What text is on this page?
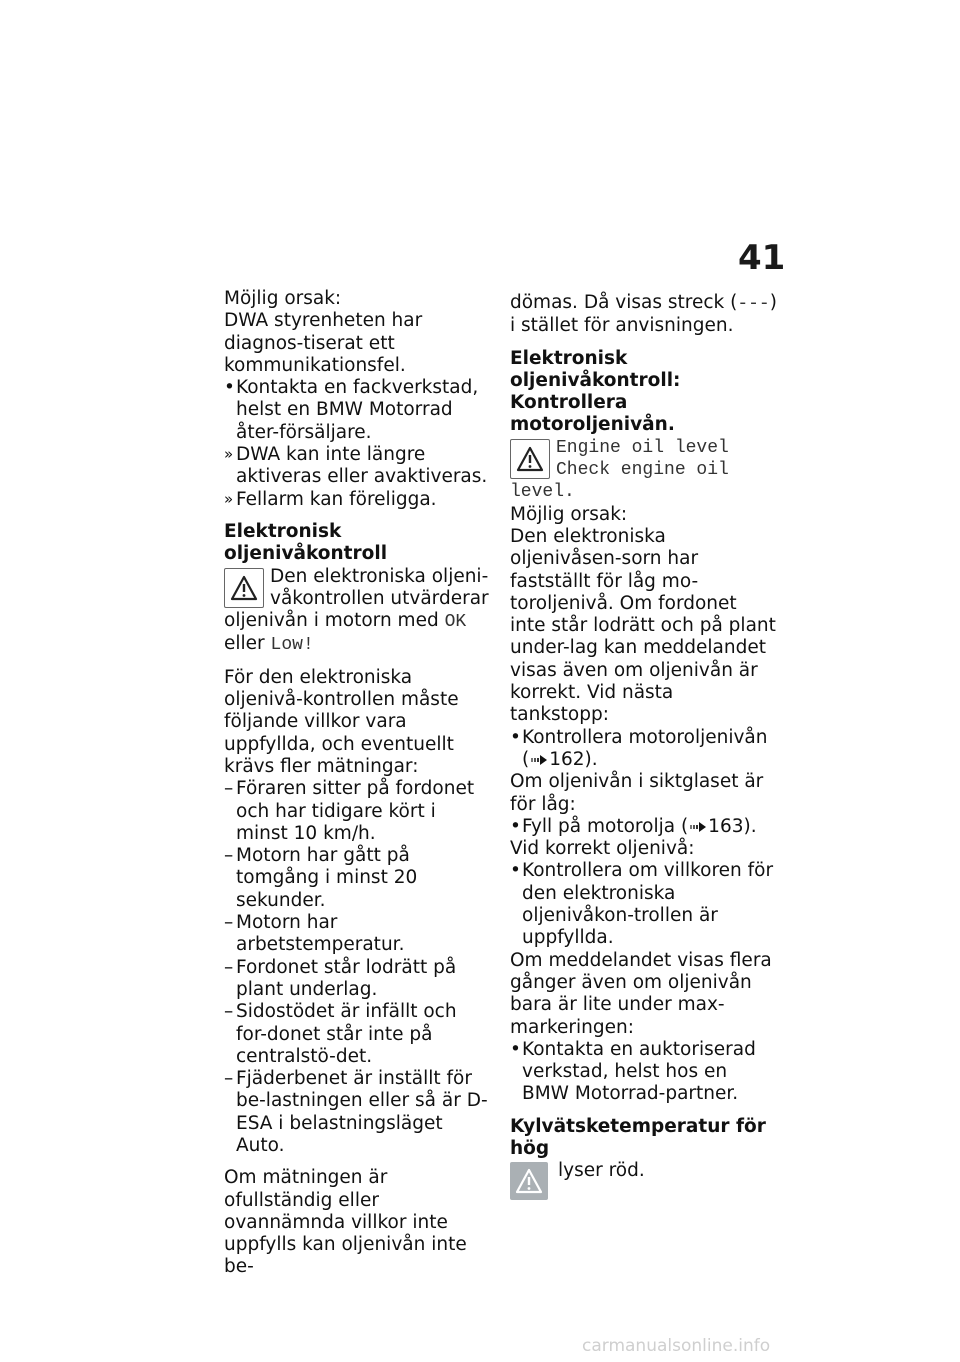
41

Möjlig orsak:

DWA styrenheten har diagnos-tiserat ett kommunikationsfel.

• Kontakta en fackverkstad, helst en BMW Motorrad åter-försäljare.

» DWA kan inte längre aktiveras eller avaktiveras.

» Fellarm kan föreligga.

Elektronisk oljenivåkontroll

Den elektroniska oljeni-våkontrollen utvärderar oljenivån i motorn med OK eller Low!

För den elektroniska oljenivå-kontrollen måste följande villkor vara uppfyllda, och eventuellt krävs fler mätningar:

– Föraren sitter på fordonet och har tidigare kört i minst 10 km/h.

– Motorn har gått på tomgång i minst 20 sekunder.

– Motorn har arbetstemperatur.

– Fordonet står lodrätt på plant underlag.

– Sidostödet är infällt och for-donet står inte på centralstö-det.

– Fjäderbenet är inställt för be-lastningen eller så är D-ESA i belastningsläget Auto.

Om mätningen är ofullständig eller ovannämnda villkor inte uppfylls kan oljenivån inte be-

dömas. Då visas streck (---) i stället för anvisningen.

Elektronisk oljenivåkontroll: Kontrollera motoroljenivån.

Engine oil level
Check engine oil
level.

Möjlig orsak:

Den elektroniska oljenivåsen-sorn har fastställt för låg mo-toroljenivå. Om fordonet inte står lodrätt och på plant under-lag kan meddelandet visas även om oljenivån är korrekt. Vid nästa tankstopp:

• Kontrollera motoroljenivån ( 162).

Om oljenivån i siktglaset är för låg:

• Fyll på motorolja ( 163).

Vid korrekt oljenivå:

• Kontrollera om villkoren för den elektroniska oljenivåkon-trollen är uppfyllda.

Om meddelandet visas flera gånger även om oljenivån bara är lite under max-markeringen:

• Kontakta en auktoriserad
verkstad, helst hos en
BMW Motorrad-partner.

Kylvätsketemperatur för hög

lyser röd.
carmanualsonline.info
